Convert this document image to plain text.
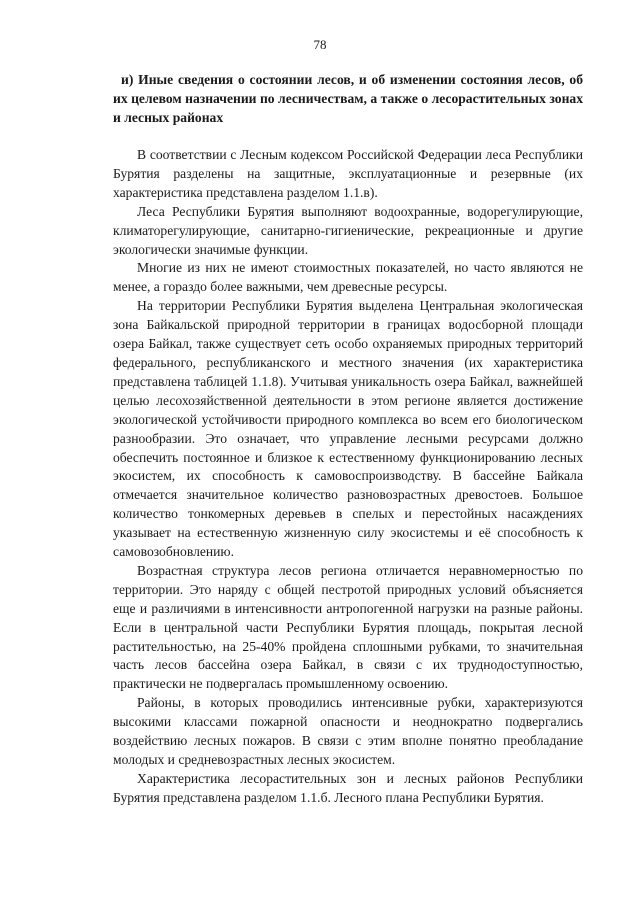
78
и) Иные сведения о состоянии лесов, и об изменении состояния лесов, об их целевом назначении по лесничествам, а также о лесорастительных зонах и лесных районах

В соответствии с Лесным кодексом Российской Федерации леса Республики Бурятия разделены на защитные, эксплуатационные и резервные (их характеристика представлена разделом 1.1.в).

Леса Республики Бурятия выполняют водоохранные, водорегулирующие, климаторегулирующие, санитарно-гигиенические, рекреационные и другие экологически значимые функции.

Многие из них не имеют стоимостных показателей, но часто являются не менее, а гораздо более важными, чем древесные ресурсы.

На территории Республики Бурятия выделена Центральная экологическая зона Байкальской природной территории в границах водосборной площади озера Байкал, также существует сеть особо охраняемых природных территорий федерального, республиканского и местного значения (их характеристика представлена таблицей 1.1.8). Учитывая уникальность озера Байкал, важнейшей целью лесохозяйственной деятельности в этом регионе является достижение экологической устойчивости природного комплекса во всем его биологическом разнообразии. Это означает, что управление лесными ресурсами должно обеспечить постоянное и близкое к естественному функционированию лесных экосистем, их способность к самовоспроизводству. В бассейне Байкала отмечается значительное количество разновозрастных древостоев. Большое количество тонкомерных деревьев в спелых и перестойных насаждениях указывает на естественную жизненную силу экосистемы и её способность к самовозобновлению.

Возрастная структура лесов региона отличается неравномерностью по территории. Это наряду с общей пестротой природных условий объясняется еще и различиями в интенсивности антропогенной нагрузки на разные районы. Если в центральной части Республики Бурятия площадь, покрытая лесной растительностью, на 25-40% пройдена сплошными рубками, то значительная часть лесов бассейна озера Байкал, в связи с их труднодоступностью, практически не подвергалась промышленному освоению.

Районы, в которых проводились интенсивные рубки, характеризуются высокими классами пожарной опасности и неоднократно подвергались воздействию лесных пожаров. В связи с этим вполне понятно преобладание молодых и средневозрастных лесных экосистем.

Характеристика лесорастительных зон и лесных районов Республики Бурятия представлена разделом 1.1.б. Лесного плана Республики Бурятия.
